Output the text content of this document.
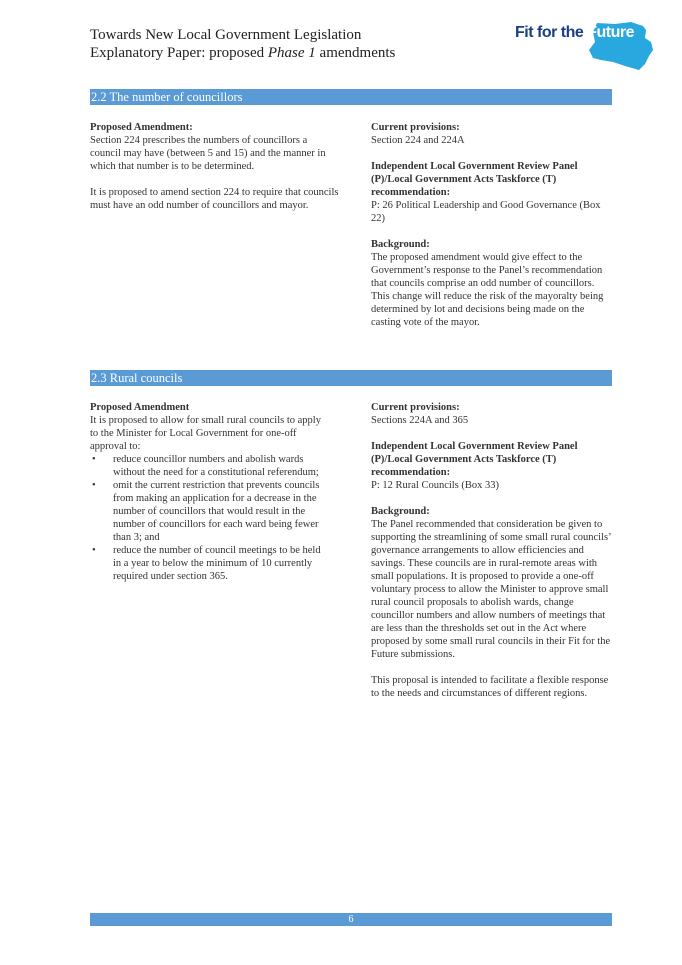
Towards New Local Government Legislation
Explanatory Paper: proposed Phase 1 amendments
Fit for the Future
2.2 The number of councillors
Proposed Amendment:

Section 224 prescribes the numbers of councillors a council may have (between 5 and 15) and the manner in which that number is to be determined.

It is proposed to amend section 224 to require that councils must have an odd number of councillors and mayor.

Current provisions:

Section 224 and 224A

Independent Local Government Review Panel (P)/Local Government Acts Taskforce (T) recommendation:

P: 26 Political Leadership and Good Governance (Box 22)

Background:

The proposed amendment would give effect to the Government’s response to the Panel’s recommendation that councils comprise an odd number of councillors. This change will reduce the risk of the mayoralty being determined by lot and decisions being made on the casting vote of the mayor.

2.3 Rural councils
Proposed Amendment
It is proposed to allow for small rural councils to apply to the Minister for Local Government for one-off approval to:
• reduce councillor numbers and abolish wards without the need for a constitutional referendum;
• omit the current restriction that prevents councils from making an application for a decrease in the number of councillors that would result in the number of councillors for each ward being fewer than 3; and
• reduce the number of council meetings to be held in a year to below the minimum of 10 currently required under section 365.
Current provisions:

Sections 224A and 365

Independent Local Government Review Panel (P)/Local Government Acts Taskforce (T) recommendation:

P: 12 Rural Councils (Box 33)

Background:

The Panel recommended that consideration be given to supporting the streamlining of some small rural councils’ governance arrangements to allow efficiencies and savings. These councils are in rural-remote areas with small populations. It is proposed to provide a one-off voluntary process to allow the Minister to approve small rural council proposals to abolish wards, change councillor numbers and allow numbers of meetings that are less than the thresholds set out in the Act where proposed by some small rural councils in their Fit for the Future submissions.

This proposal is intended to facilitate a flexible response to the needs and circumstances of different regions.

6
